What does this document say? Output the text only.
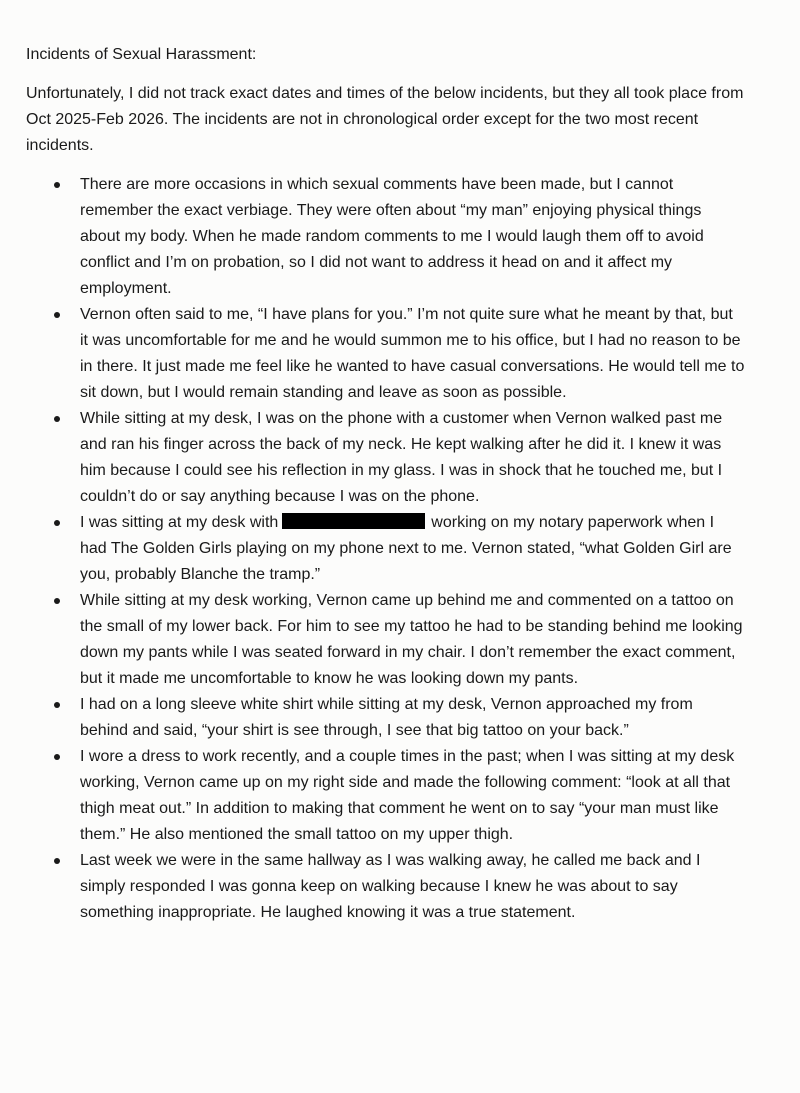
Incidents of Sexual Harassment:

Unfortunately, I did not track exact dates and times of the below incidents, but they all took place from Oct 2025-Feb 2026. The incidents are not in chronological order except for the two most recent incidents.

There are more occasions in which sexual comments have been made, but I cannot remember the exact verbiage. They were often about “my man” enjoying physical things about my body. When he made random comments to me I would laugh them off to avoid conflict and I’m on probation, so I did not want to address it head on and it affect my employment.
Vernon often said to me, “I have plans for you.” I’m not quite sure what he meant by that, but it was uncomfortable for me and he would summon me to his office, but I had no reason to be in there. It just made me feel like he wanted to have casual conversations. He would tell me to sit down, but I would remain standing and leave as soon as possible.
While sitting at my desk, I was on the phone with a customer when Vernon walked past me and ran his finger across the back of my neck. He kept walking after he did it. I knew it was him because I could see his reflection in my glass. I was in shock that he touched me, but I couldn’t do or say anything because I was on the phone.
I was sitting at my desk with	working on my notary paperwork when I had The Golden Girls playing on my phone next to me. Vernon stated, “what Golden Girl are you, probably Blanche the tramp.”
While sitting at my desk working, Vernon came up behind me and commented on a tattoo on the small of my lower back. For him to see my tattoo he had to be standing behind me looking down my pants while I was seated forward in my chair. I don’t remember the exact comment, but it made me uncomfortable to know he was looking down my pants.
I had on a long sleeve white shirt while sitting at my desk, Vernon approached my from behind and said, “your shirt is see through, I see that big tattoo on your back.”
I wore a dress to work recently, and a couple times in the past; when I was sitting at my desk working, Vernon came up on my right side and made the following comment: “look at all that thigh meat out.” In addition to making that comment he went on to say “your man must like them.” He also mentioned the small tattoo on my upper thigh.
Last week we were in the same hallway as I was walking away, he called me back and I simply responded I was gonna keep on walking because I knew he was about to say something inappropriate. He laughed knowing it was a true statement.
